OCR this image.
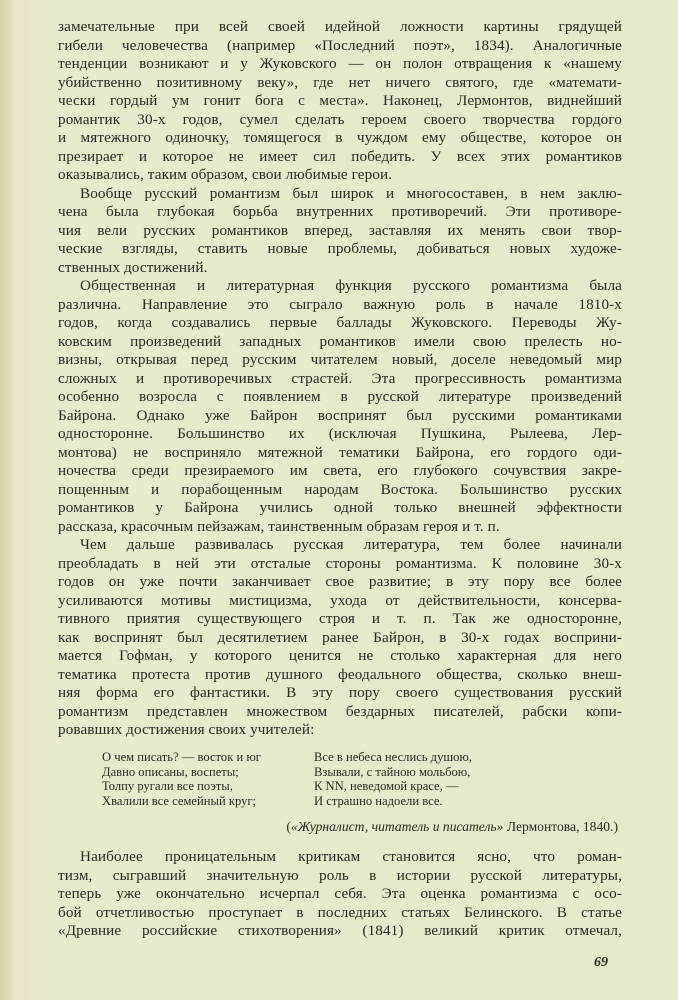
замечательные при всей своей идейной ложности картины грядущей
гибели человечества (например «Последний поэт», 1834). Аналогичные
тенденции возникают и у Жуковского — он полон отвращения к «нашему
убийственно позитивному веку», где нет ничего святого, где «математи-
чески гордый ум гонит бога с места». Наконец, Лермонтов, виднейший
романтик 30-х годов, сумел сделать героем своего творчества гордого
и мятежного одиночку, томящегося в чуждом ему обществе, которое он
презирает и которое не имеет сил победить. У всех этих романтиков
оказывались, таким образом, свои любимые герои.
Вообще русский романтизм был широк и многосоставен, в нем заклю-
чена была глубокая борьба внутренних противоречий. Эти противоре-
чия вели русских романтиков вперед, заставляя их менять свои твор-
ческие взгляды, ставить новые проблемы, добиваться новых художе-
ственных достижений.
Общественная и литературная функция русского романтизма была
различна. Направление это сыграло важную роль в начале 1810-х
годов, когда создавались первые баллады Жуковского. Переводы Жу-
ковским произведений западных романтиков имели свою прелесть но-
визны, открывая перед русским читателем новый, доселе неведомый мир
сложных и противоречивых страстей. Эта прогрессивность романтизма
особенно возросла с появлением в русской литературе произведений
Байрона. Однако уже Байрон воспринят был русскими романтиками
односторонне. Большинство их (исключая Пушкина, Рылеева, Лер-
монтова) не восприняло мятежной тематики Байрона, его гордого оди-
ночества среди презираемого им света, его глубокого сочувствия закре-
пощенным и порабощенным народам Востока. Большинство русских
романтиков у Байрона учились одной только внешней эффектности
рассказа, красочным пейзажам, таинственным образам героя и т. п.
Чем дальше развивалась русская литература, тем более начинали
преобладать в ней эти отсталые стороны романтизма. К половине 30-х
годов он уже почти заканчивает свое развитие; в эту пору все более
усиливаются мотивы мистицизма, ухода от действительности, консерва-
тивного приятия существующего строя и т. п. Так же односторонне,
как воспринят был десятилетием ранее Байрон, в 30-х годах восприни-
мается Гофман, у которого ценится не столько характерная для него
тематика протеста против душного феодального общества, сколько внеш-
няя форма его фантастики. В эту пору своего существования русский
романтизм представлен множеством бездарных писателей, рабски копи-
ровавших достижения своих учителей:
О чем писать? — восток и юг
Давно описаны, воспеты;
Толпу ругали все поэты,
Хвалили все семейный круг;
Все в небеса неслись душою,
Взывали, с тайною мольбою,
К NN, неведомой красе, —
И страшно надоели все.
(«Журналист, читатель и писатель» Лермонтова, 1840.)
Наиболее проницательным критикам становится ясно, что роман-
тизм, сыгравший значительную роль в истории русской литературы,
теперь уже окончательно исчерпал себя. Эта оценка романтизма с осо-
бой отчетливостью проступает в последних статьях Белинского. В статье
«Древние российские стихотворения» (1841) великий критик отмечал,
69
